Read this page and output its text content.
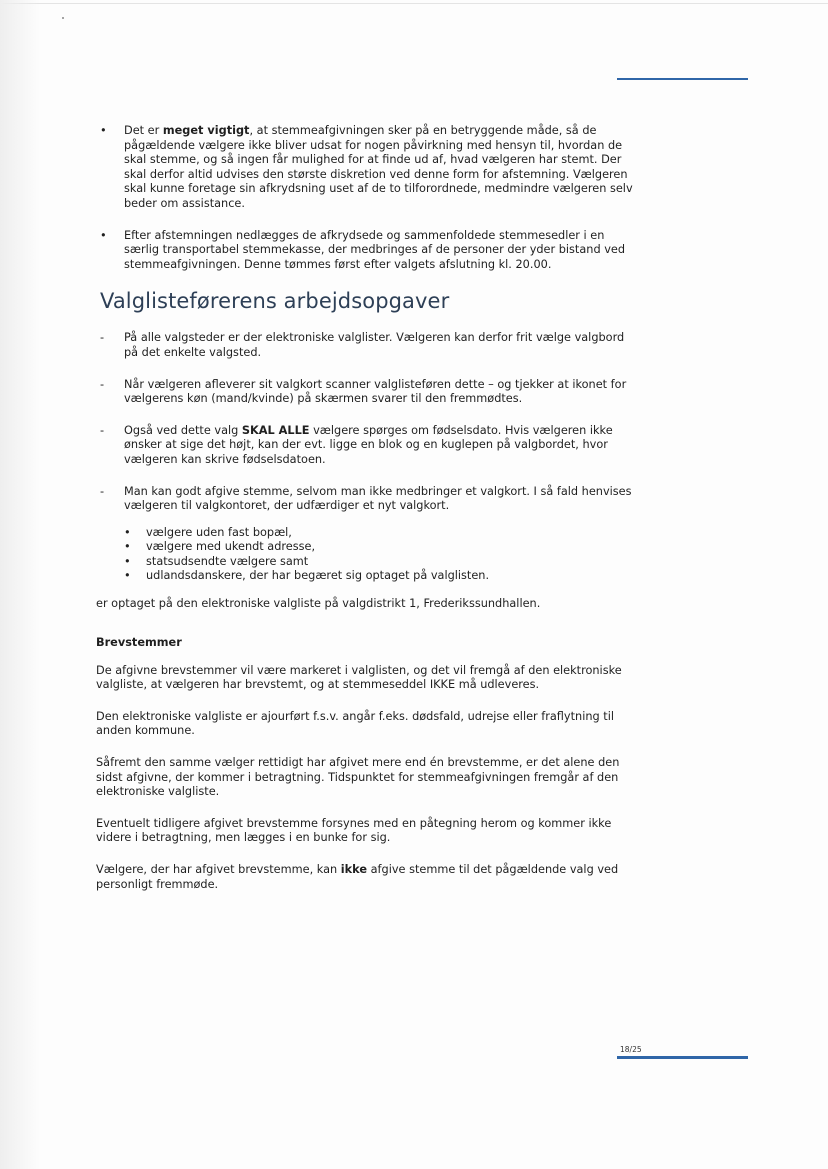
• Det er meget vigtigt, at stemmeafgivningen sker på en betryggende måde, så de pågældende vælgere ikke bliver udsat for nogen påvirkning med hensyn til, hvordan de skal stemme, og så ingen får mulighed for at finde ud af, hvad vælgeren har stemt. Der skal derfor altid udvises den største diskretion ved denne form for afstemning. Vælgeren skal kunne foretage sin afkrydsning uset af de to tilforordnede, medmindre vælgeren selv beder om assistance.
• Efter afstemningen nedlægges de afkrydsede og sammenfoldede stemmesedler i en særlig transportabel stemmekasse, der medbringes af de personer der yder bistand ved stemmeafgivningen. Denne tømmes først efter valgets afslutning kl. 20.00.
Valglisteførerens arbejdsopgaver
- På alle valgsteder er der elektroniske valglister. Vælgeren kan derfor frit vælge valgbord på det enkelte valgsted.
- Når vælgeren afleverer sit valgkort scanner valglisteføren dette – og tjekker at ikonet for vælgerens køn (mand/kvinde) på skærmen svarer til den fremmødtes.
- Også ved dette valg SKAL ALLE vælgere spørges om fødselsdato. Hvis vælgeren ikke ønsker at sige det højt, kan der evt. ligge en blok og en kuglepen på valgbordet, hvor vælgeren kan skrive fødselsdatoen.
- Man kan godt afgive stemme, selvom man ikke medbringer et valgkort. I så fald henvises vælgeren til valgkontoret, der udfærdiger et nyt valgkort.
• vælgere uden fast bopæl,
• vælgere med ukendt adresse,
• statsudsendte vælgere samt
• udlandsdanskere, der har begæret sig optaget på valglisten.

er optaget på den elektroniske valgliste på valgdistrikt 1, Frederikssundhallen.

Brevstemmer

De afgivne brevstemmer vil være markeret i valglisten, og det vil fremgå af den elektroniske valgliste, at vælgeren har brevstemt, og at stemmeseddel IKKE må udleveres.

Den elektroniske valgliste er ajourført f.s.v. angår f.eks. dødsfald, udrejse eller fraflytning til anden kommune.

Såfremt den samme vælger rettidigt har afgivet mere end én brevstemme, er det alene den sidst afgivne, der kommer i betragtning. Tidspunktet for stemmeafgivningen fremgår af den elektroniske valgliste.

Eventuelt tidligere afgivet brevstemme forsynes med en påtegning herom og kommer ikke videre i betragtning, men lægges i en bunke for sig.

Vælgere, der har afgivet brevstemme, kan ikke afgive stemme til det pågældende valg ved personligt fremmøde.

18/25
